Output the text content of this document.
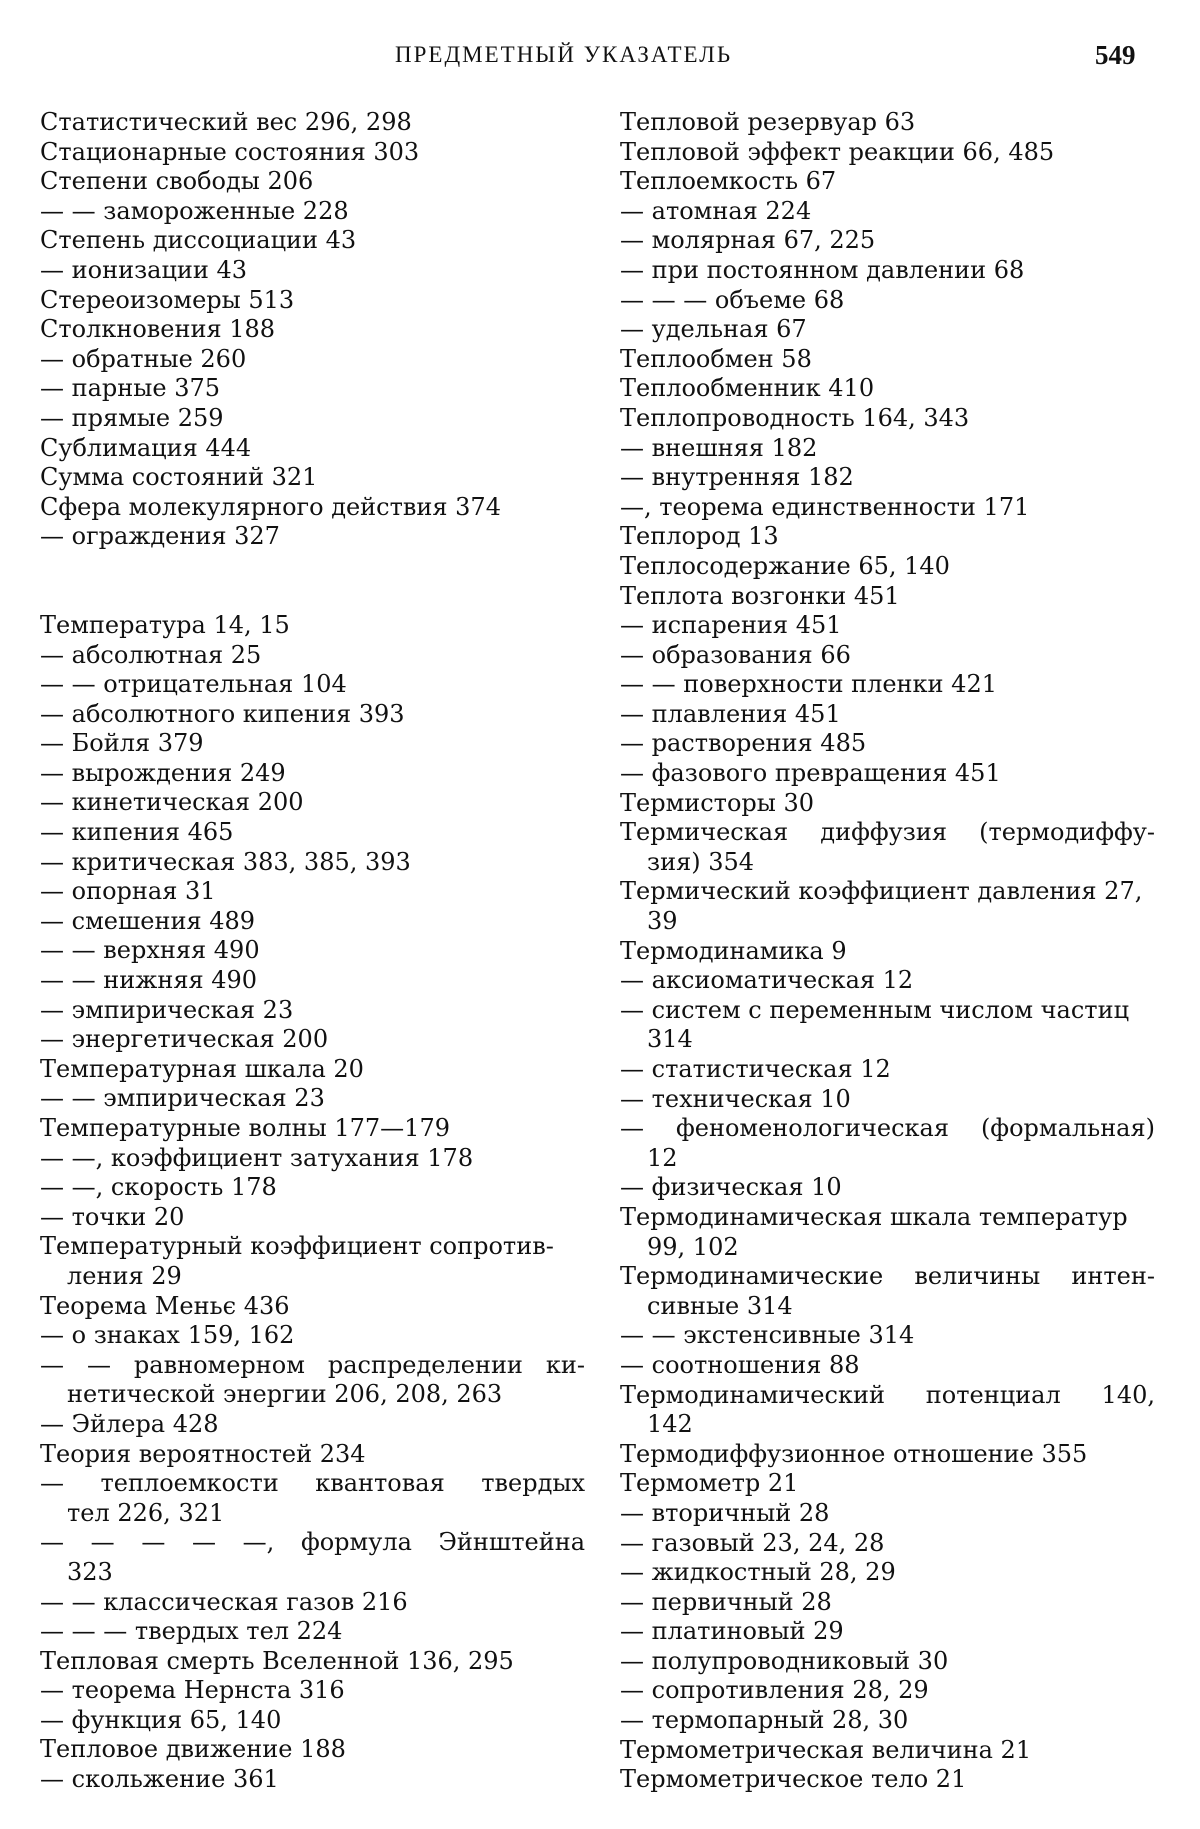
ПРЕДМЕТНЫЙ УКАЗАТЕЛЬ	549
Статистический вес 296, 298
Стационарные состояния 303
Степени свободы 206
— — замороженные 228
Степень диссоциации 43
— ионизации 43
Стереоизомеры 513
Столкновения 188
— обратные 260
— парные 375
— прямые 259
Сублимация 444
Сумма состояний 321
Сфера молекулярного действия 374
— ограждения 327
Температура 14, 15
— абсолютная 25
— — отрицательная 104
— абсолютного кипения 393
— Бойля 379
— вырождения 249
— кинетическая 200
— кипения 465
— критическая 383, 385, 393
— опорная 31
— смешения 489
— — верхняя 490
— — нижняя 490
— эмпирическая 23
— энергетическая 200
Температурная шкала 20
— — эмпирическая 23
Температурные волны 177—179
— —, коэффициент затухания 178
— —, скорость 178
— точки 20
Температурный коэффициент сопротив-
ления 29
Теорема Меньє 436
— о знаках 159, 162
— — равномерном распределении ки-
нетической энергии 206, 208, 263
— Эйлера 428
Теория вероятностей 234
— теплоемкости квантовая твердых
тел 226, 321
— — — — —, формула Эйнштейна
323
— — классическая газов 216
— — — твердых тел 224
Тепловая смерть Вселенной 136, 295
— теорема Нернста 316
— функция 65, 140
Тепловое движение 188
— скольжение 361
Тепловой резервуар 63
Тепловой эффект реакции 66, 485
Теплоемкость 67
— атомная 224
— молярная 67, 225
— при постоянном давлении 68
— — — объеме 68
— удельная 67
Теплообмен 58
Теплообменник 410
Теплопроводность 164, 343
— внешняя 182
— внутренняя 182
—, теорема единственности 171
Теплород 13
Теплосодержание 65, 140
Теплота возгонки 451
— испарения 451
— образования 66
— — поверхности пленки 421
— плавления 451
— растворения 485
— фазового превращения 451
Термисторы 30
Термическая диффузия (термодиффу-
зия) 354
Термический коэффициент давления 27,
39
Термодинамика 9
— аксиоматическая 12
— систем с переменным числом частиц
314
— статистическая 12
— техническая 10
— феноменологическая (формальная)
12
— физическая 10
Термодинамическая шкала температур
99, 102
Термодинамические величины интен-
сивные 314
— — экстенсивные 314
— соотношения 88
Термодинамический потенциал 140,
142
Термодиффузионное отношение 355
Термометр 21
— вторичный 28
— газовый 23, 24, 28
— жидкостный 28, 29
— первичный 28
— платиновый 29
— полупроводниковый 30
— сопротивления 28, 29
— термопарный 28, 30
Термометрическая величина 21
Термометрическое тело 21
